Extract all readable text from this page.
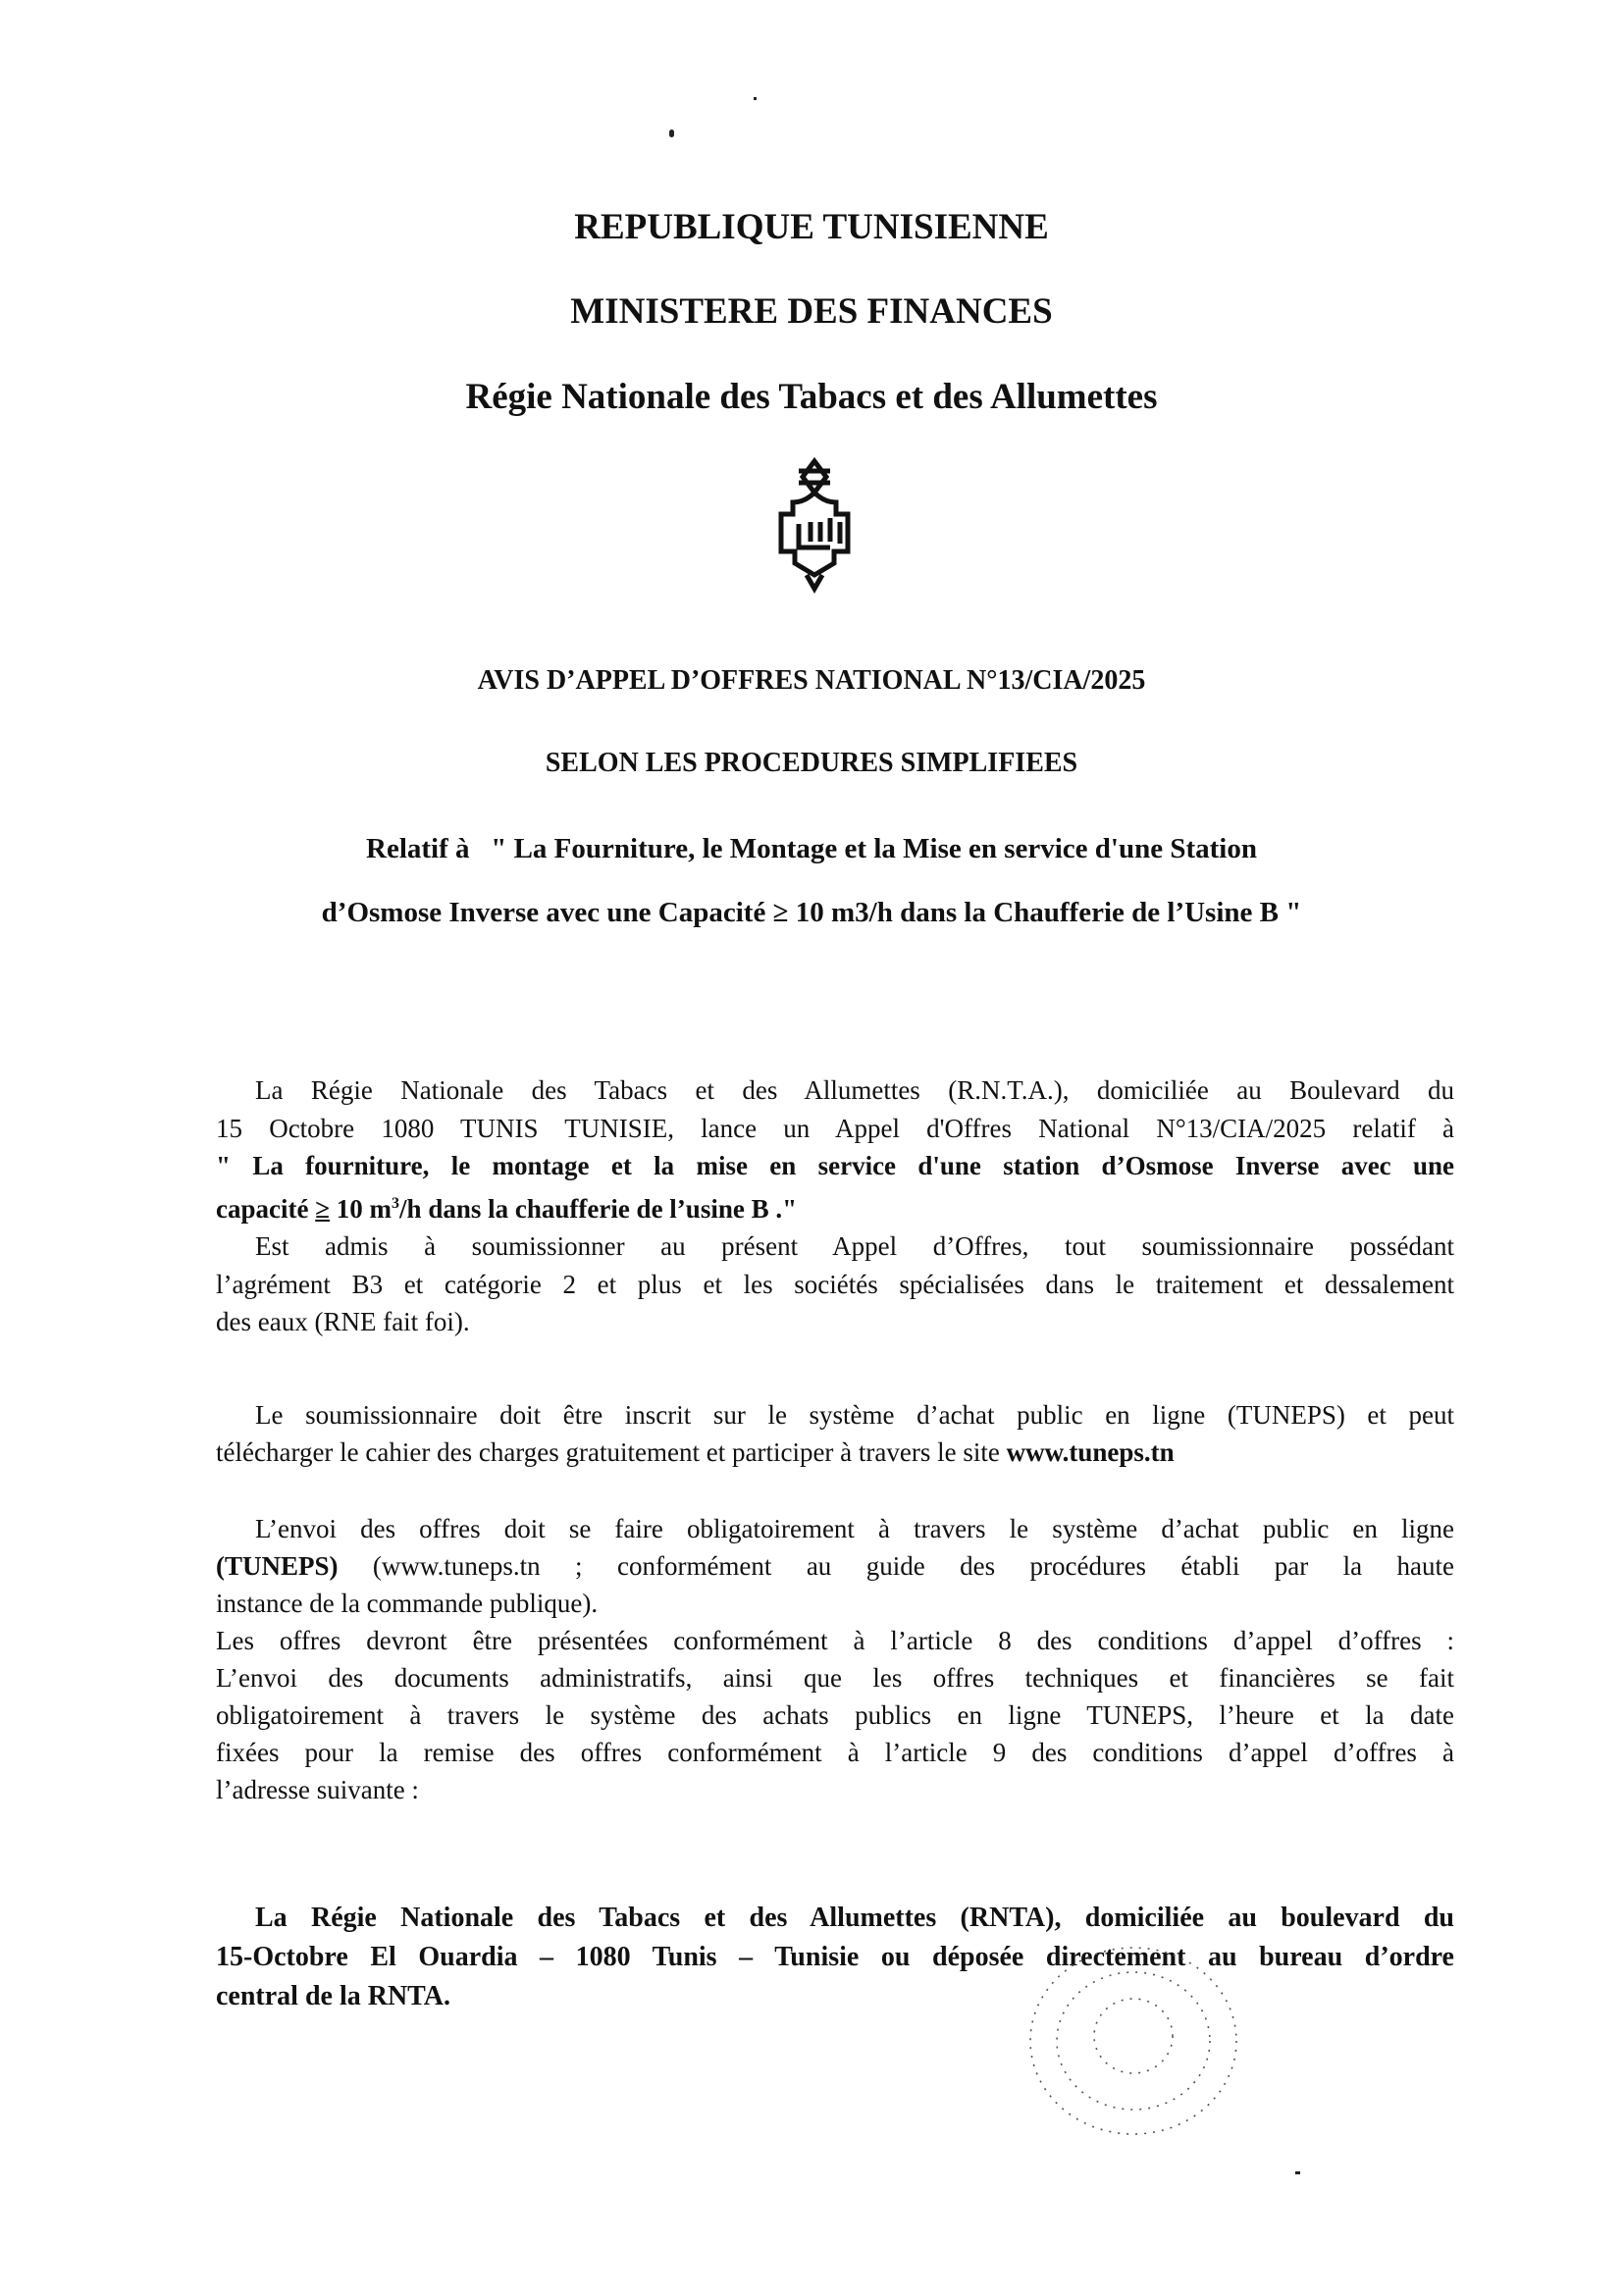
REPUBLIQUE TUNISIENNE
MINISTERE DES FINANCES
Régie Nationale des Tabacs et des Allumettes
AVIS D’APPEL D’OFFRES NATIONAL N°13/CIA/2025
SELON LES PROCEDURES SIMPLIFIEES
Relatif à   " La Fourniture, le Montage et la Mise en service d'une Station
d’Osmose Inverse avec une Capacité ≥ 10 m3/h dans la Chaufferie de l’Usine B "
La Régie Nationale des Tabacs et des Allumettes (R.N.T.A.), domiciliée au Boulevard du
15 Octobre 1080 TUNIS TUNISIE, lance un Appel d'Offres National N°13/CIA/2025 relatif à
" La fourniture, le montage et la mise en service d'une station d’Osmose Inverse avec une
capacité ≥ 10 $m^3/h$ dans la chaufferie de l’usine B ."
Est admis à soumissionner au présent Appel d’Offres, tout soumissionnaire possédant
l’agrément B3 et catégorie 2 et plus et les sociétés spécialisées dans le traitement et dessalement
des eaux (RNE fait foi).
Le soumissionnaire doit être inscrit sur le système d’achat public en ligne (TUNEPS) et peut
télécharger le cahier des charges gratuitement et participer à travers le site www.tuneps.tn
L’envoi des offres doit se faire obligatoirement à travers le système d’achat public en ligne
(TUNEPS) (www.tuneps.tn ; conformément au guide des procédures établi par la haute
instance de la commande publique).
Les offres devront être présentées conformément à l’article 8 des conditions d’appel d’offres :
L’envoi des documents administratifs, ainsi que les offres techniques et financières se fait
obligatoirement à travers le système des achats publics en ligne TUNEPS, l’heure et la date
fixées pour la remise des offres conformément à l’article 9 des conditions d’appel d’offres à
l’adresse suivante :
La Régie Nationale des Tabacs et des Allumettes (RNTA), domiciliée au boulevard du
15-Octobre El Ouardia – 1080 Tunis – Tunisie ou déposée directement au bureau d’ordre
central de la RNTA.
